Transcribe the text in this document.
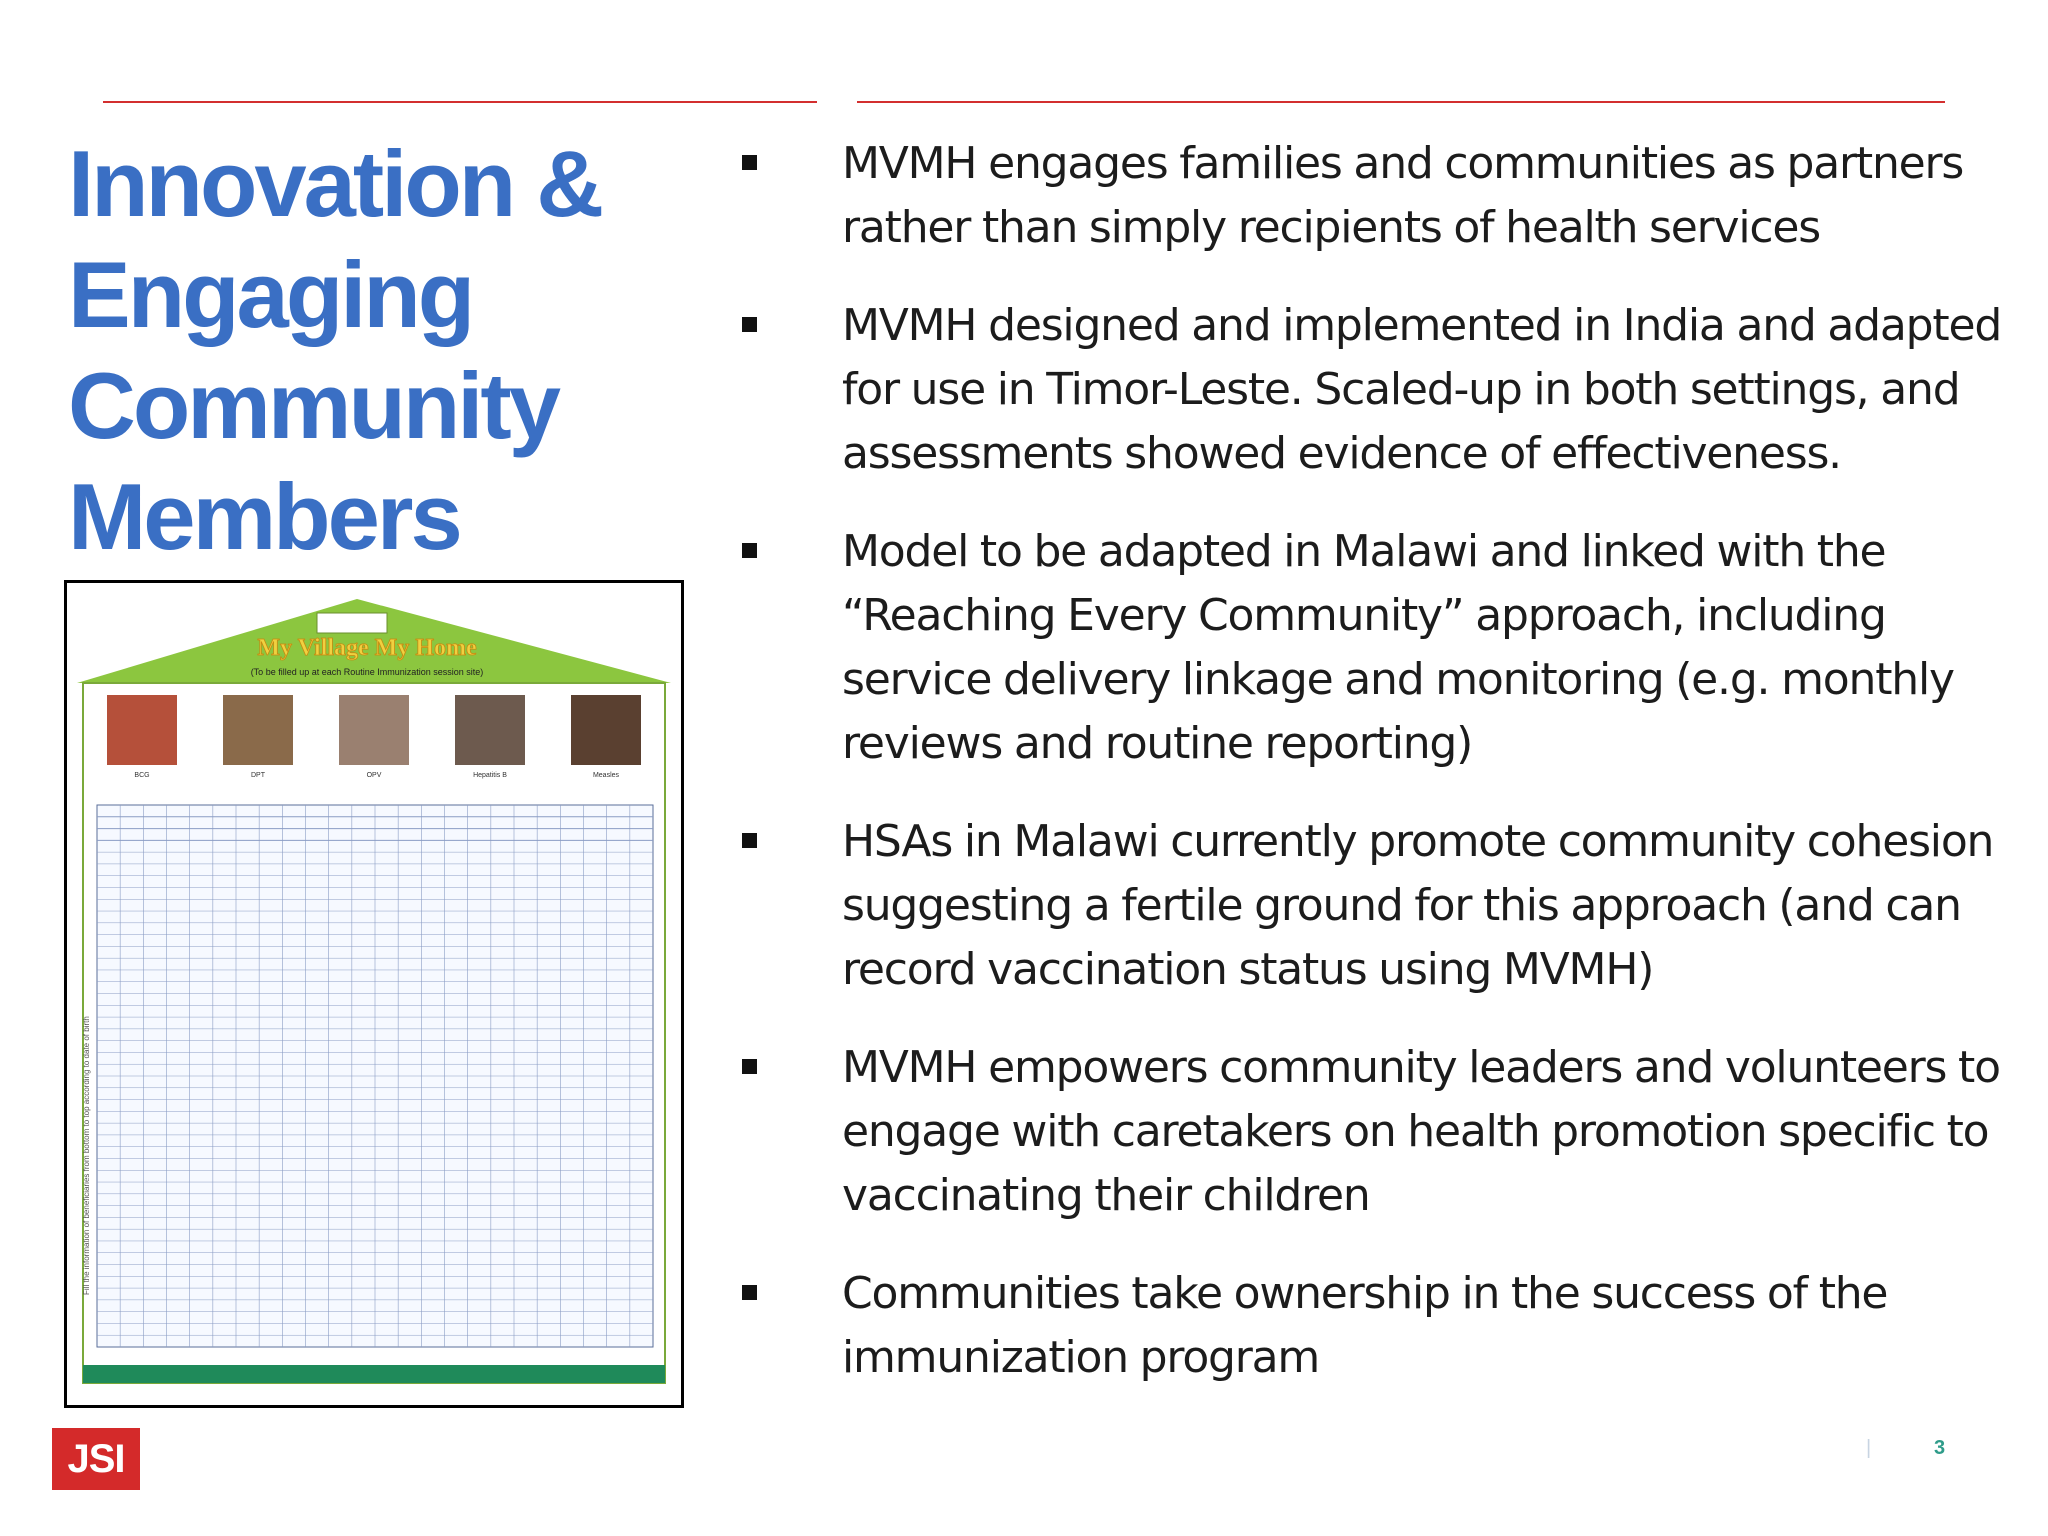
Innovation &
Engaging
Community
Members
MVMH engages families and communities as partners rather than simply recipients of health services
MVMH designed and implemented in India and adapted for use in Timor-Leste. Scaled-up in both settings, and assessments showed evidence of effectiveness.
Model to be adapted in Malawi and linked with the “Reaching Every Community” approach, including service delivery linkage and monitoring (e.g. monthly reviews and routine reporting)
HSAs in Malawi currently promote community cohesion suggesting a fertile ground for this approach (and can record vaccination status using MVMH)
MVMH empowers community leaders and volunteers to engage with caretakers on health promotion specific to vaccinating their children
Communities take ownership in the success of the immunization program
My Village My Home
(To be filled up at each Routine Immunization session site)
BCG	DPT	OPV	Hepatitis B	Measles
Fill the information of beneficiaries from bottom to top according to date of birth
JSI	|	3
